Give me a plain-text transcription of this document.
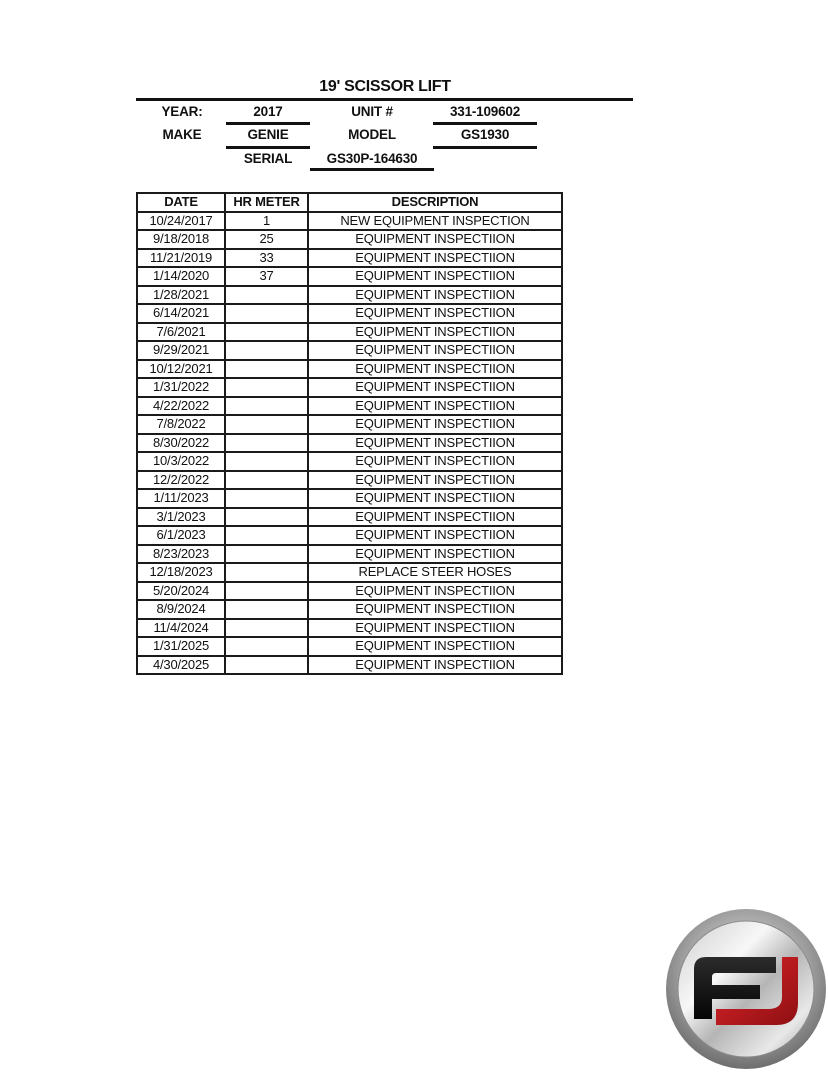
19' SCISSOR LIFT
YEAR:	2017	UNIT #	331-109602
MAKE	GENIE	MODEL	GS1930
SERIAL	GS30P-164630
DATE	HR METER	DESCRIPTION
10/24/2017	1	NEW EQUIPMENT INSPECTION
9/18/2018	25	EQUIPMENT INSPECTIION
11/21/2019	33	EQUIPMENT INSPECTIION
1/14/2020	37	EQUIPMENT INSPECTIION
1/28/2021		EQUIPMENT INSPECTIION
6/14/2021		EQUIPMENT INSPECTIION
7/6/2021		EQUIPMENT INSPECTIION
9/29/2021		EQUIPMENT INSPECTIION
10/12/2021		EQUIPMENT INSPECTIION
1/31/2022		EQUIPMENT INSPECTIION
4/22/2022		EQUIPMENT INSPECTIION
7/8/2022		EQUIPMENT INSPECTIION
8/30/2022		EQUIPMENT INSPECTIION
10/3/2022		EQUIPMENT INSPECTIION
12/2/2022		EQUIPMENT INSPECTIION
1/11/2023		EQUIPMENT INSPECTIION
3/1/2023		EQUIPMENT INSPECTIION
6/1/2023		EQUIPMENT INSPECTIION
8/23/2023		EQUIPMENT INSPECTIION
12/18/2023		REPLACE STEER HOSES
5/20/2024		EQUIPMENT INSPECTIION
8/9/2024		EQUIPMENT INSPECTIION
11/4/2024		EQUIPMENT INSPECTIION
1/31/2025		EQUIPMENT INSPECTIION
4/30/2025		EQUIPMENT INSPECTIION
